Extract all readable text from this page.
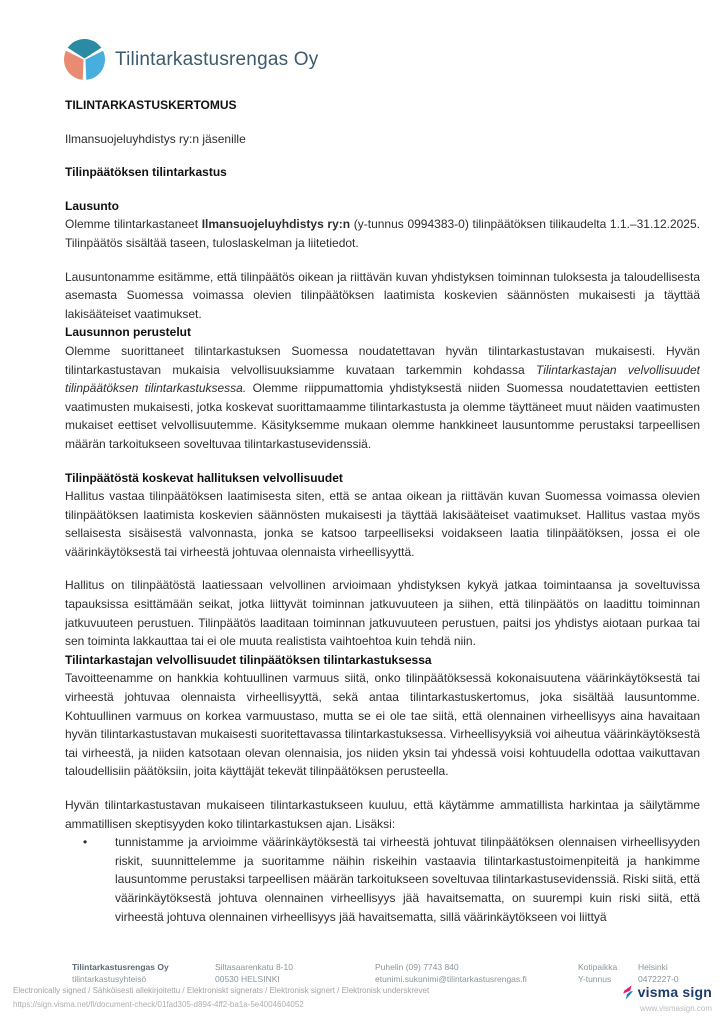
Tilintarkastusrengas Oy
TILINTARKASTUSKERTOMUS
Ilmansuojeluyhdistys ry:n jäsenille
Tilinpäätöksen tilintarkastus
Lausunto

Olemme tilintarkastaneet Ilmansuojeluyhdistys ry:n (y-tunnus 0994383-0) tilinpäätöksen tilikaudelta 1.1.–31.12.2025. Tilinpäätös sisältää taseen, tuloslaskelman ja liitetiedot.

Lausuntonamme esitämme, että tilinpäätös oikean ja riittävän kuvan yhdistyksen toiminnan tuloksesta ja taloudellisesta asemasta Suomessa voimassa olevien tilinpäätöksen laatimista koskevien säännösten mukaisesti ja täyttää lakisääteiset vaatimukset.

Lausunnon perustelut

Olemme suorittaneet tilintarkastuksen Suomessa noudatettavan hyvän tilintarkastustavan mukaisesti. Hyvän tilintarkastustavan mukaisia velvollisuuksiamme kuvataan tarkemmin kohdassa Tilintarkastajan velvollisuudet tilinpäätöksen tilintarkastuksessa. Olemme riippumattomia yhdistyksestä niiden Suomessa noudatettavien eettisten vaatimusten mukaisesti, jotka koskevat suorittamaamme tilintarkastusta ja olemme täyttäneet muut näiden vaatimusten mukaiset eettiset velvollisuutemme. Käsityksemme mukaan olemme hankkineet lausuntomme perustaksi tarpeellisen määrän tarkoitukseen soveltuvaa tilintarkastusevidenssiä.

Tilinpäätöstä koskevat hallituksen velvollisuudet

Hallitus vastaa tilinpäätöksen laatimisesta siten, että se antaa oikean ja riittävän kuvan Suomessa voimassa olevien tilinpäätöksen laatimista koskevien säännösten mukaisesti ja täyttää lakisääteiset vaatimukset. Hallitus vastaa myös sellaisesta sisäisestä valvonnasta, jonka se katsoo tarpeelliseksi voidakseen laatia tilinpäätöksen, jossa ei ole väärinkäytöksestä tai virheestä johtuvaa olennaista virheellisyyttä.

Hallitus on tilinpäätöstä laatiessaan velvollinen arvioimaan yhdistyksen kykyä jatkaa toimintaansa ja soveltuvissa tapauksissa esittämään seikat, jotka liittyvät toiminnan jatkuvuuteen ja siihen, että tilinpäätös on laadittu toiminnan jatkuvuuteen perustuen. Tilinpäätös laaditaan toiminnan jatkuvuuteen perustuen, paitsi jos yhdistys aiotaan purkaa tai sen toiminta lakkauttaa tai ei ole muuta realistista vaihtoehtoa kuin tehdä niin.

Tilintarkastajan velvollisuudet tilinpäätöksen tilintarkastuksessa

Tavoitteenamme on hankkia kohtuullinen varmuus siitä, onko tilinpäätöksessä kokonaisuutena väärinkäytöksestä tai virheestä johtuvaa olennaista virheellisyyttä, sekä antaa tilintarkastuskertomus, joka sisältää lausuntomme. Kohtuullinen varmuus on korkea varmuustaso, mutta se ei ole tae siitä, että olennainen virheellisyys aina havaitaan hyvän tilintarkastustavan mukaisesti suoritettavassa tilintarkastuksessa. Virheellisyyksiä voi aiheutua väärinkäytöksestä tai virheestä, ja niiden katsotaan olevan olennaisia, jos niiden yksin tai yhdessä voisi kohtuudella odottaa vaikuttavan taloudellisiin päätöksiin, joita käyttäjät tekevät tilinpäätöksen perusteella.

Hyvän tilintarkastustavan mukaiseen tilintarkastukseen kuuluu, että käytämme ammatillista harkintaa ja säilytämme ammatillisen skeptisyyden koko tilintarkastuksen ajan. Lisäksi:

• tunnistamme ja arvioimme väärinkäytöksestä tai virheestä johtuvat tilinpäätöksen olennaisen virheellisyyden riskit, suunnittelemme ja suoritamme näihin riskeihin vastaavia tilintarkastustoimenpiteitä ja hankimme lausuntomme perustaksi tarpeellisen määrän tarkoitukseen soveltuvaa tilintarkastusevidenssiä. Riski siitä, että väärinkäytöksestä johtuva olennainen virheellisyys jää havaitsematta, on suurempi kuin riski siitä, että virheestä johtuva olennainen virheellisyys jää havaitsematta, sillä väärinkäytökseen voi liittyä
Tilintarkastusrengas Oy
tilintarkastusyhteisö
Siltasaarenkatu 8-10
00530 HELSINKI
Puhelin (09) 7743 840
etunimi.sukunimi@tilintarkastusrengas.fi
Kotipaikka
Y-tunnus
Helsinki
0472227-0
Electronically signed / Sähköisesti allekirjoitettu / Elektroniskt signerats / Elektronisk signert / Elektronisk underskrevet
https://sign.visma.net/fi/document-check/01fad305-d894-4ff2-ba1a-5e4004604052
visma sign
www.vismasign.com
